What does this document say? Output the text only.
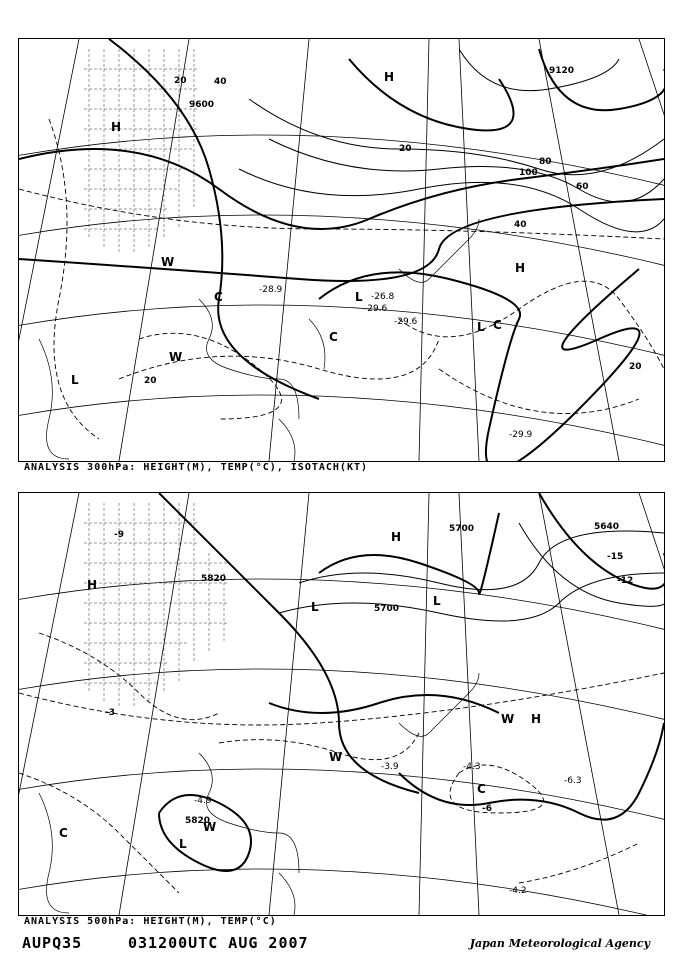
H
H
H
L
L
L
W
W
C
C
C
9600
9120
20	40
60
80
100
20
40
20
20
-29.6
-29.9
-26.8
-29.6
-28.9
ANALYSIS 300hPa: HEIGHT(M), TEMP(°C), ISOTACH(KT)
H
H
H
L
L
L
W
W
W
C
C
5700
5820
5640
5700
5820
-12
-15
-9
-3
-6
-4.3
-6.3
-4.2
-4.9
-3.9
ANALYSIS 500hPa: HEIGHT(M), TEMP(°C)
AUPQ35	031200UTC AUG 2007	Japan Meteorological Agency
